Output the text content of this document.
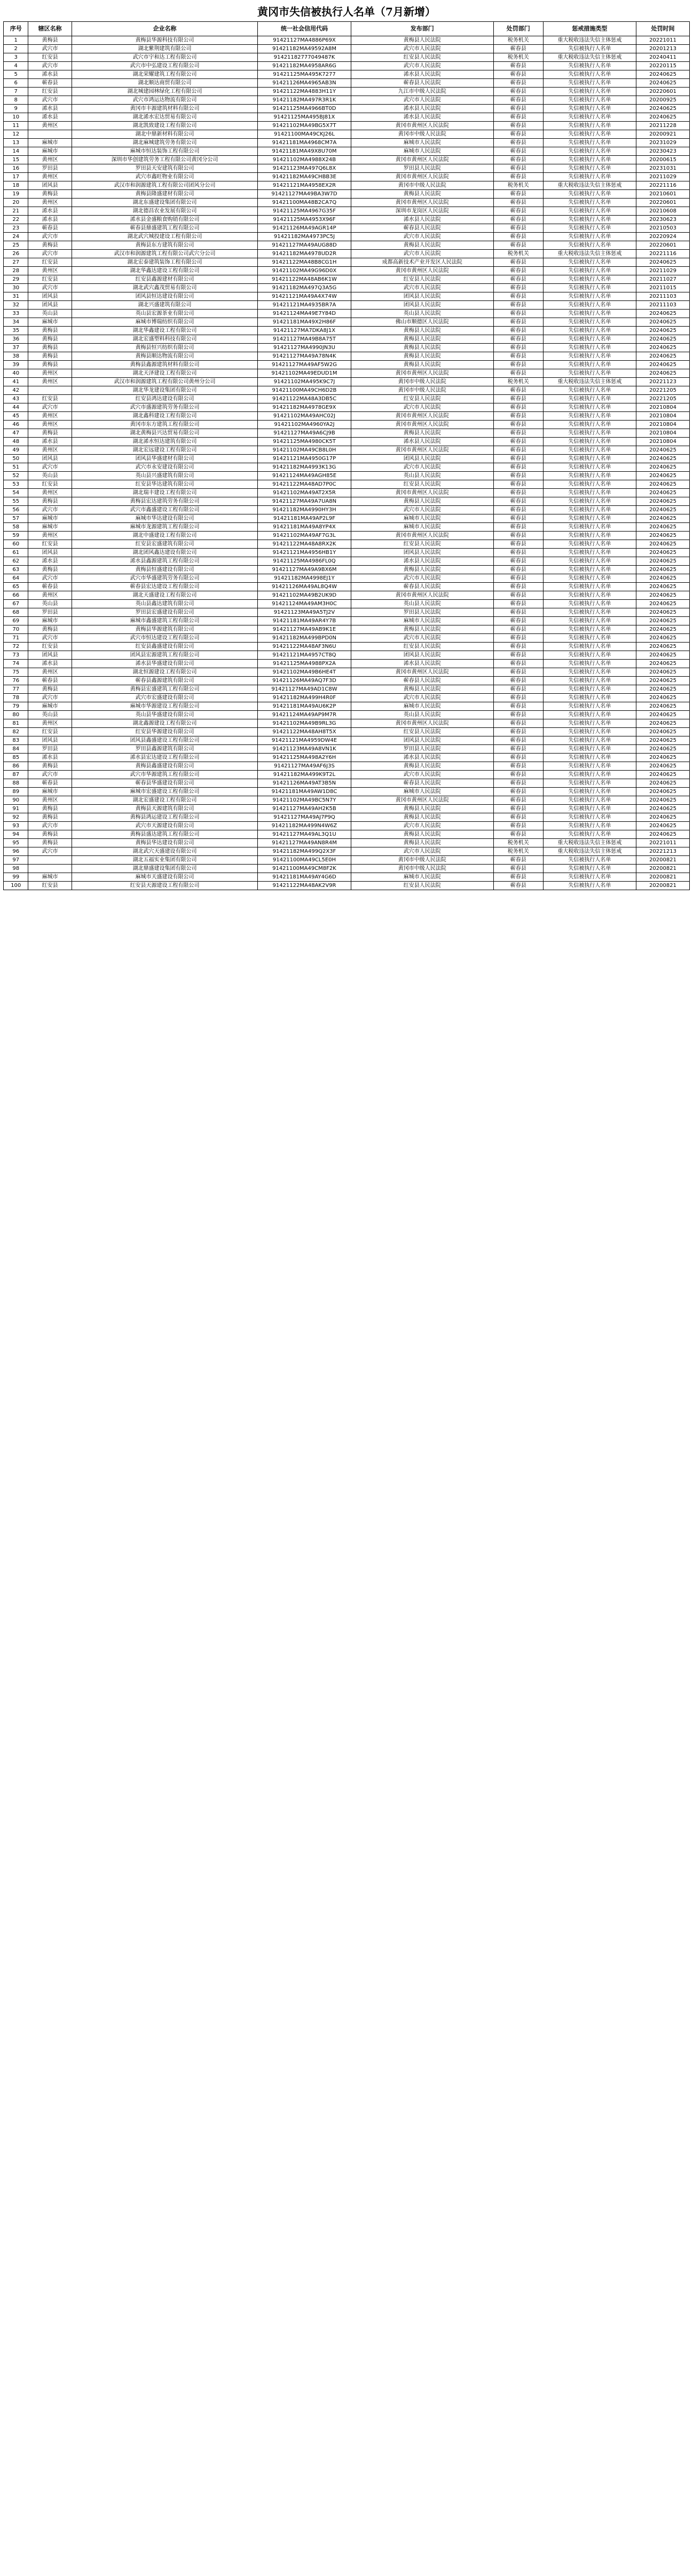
黄冈市失信被执行人名单（7月新增）
序号	辖区名称	企业名称	统一社会信用代码	发布部门	处罚部门	惩戒措施类型	处罚时间
1	黄梅县	黄梅县华源科技有限公司	91421127MA4886P69X	黄梅县人民法院	税务机关	重大税收违法失信主体惩戒	20221011
2	武穴市	湖北紫荆建筑有限公司	91421182MA49592A8M	武穴市人民法院	蕲春县	失信被执行人名单	20201213
3	红安县	武穴市宇和达工程有限公司	91421182777049487K	红安县人民法院	税务机关	重大税收违法失信主体惩戒	20240411
4	武穴市	武穴市中弘建设工程有限公司	91421182MA4958AR6G	武穴市人民法院	蕲春县	失信被执行人名单	20220115
5	浠水县	湖北荣耀建筑工程有限公司	91421125MA495K7277	浠水县人民法院	蕲春县	失信被执行人名单	20240625
6	蕲春县	湖北顺达商贸有限公司	91421126MA4965AB3N	蕲春县人民法院	蕲春县	失信被执行人名单	20240625
7	红安县	湖北城建园林绿化工程有限公司	91421122MA4883H11Y	九江市中级人民法院	蕲春县	失信被执行人名单	20220601
8	武穴市	武穴市鸿运达物流有限公司	91421182MA497R3R1K	武穴市人民法院	蕲春县	失信被执行人名单	20200925
9	浠水县	黄冈市丰源建筑材料有限公司	91421125MA4966BT0D	浠水县人民法院	蕲春县	失信被执行人名单	20240625
10	浠水县	湖北浠水宏达贸易有限公司	91421125MA495BJ81X	浠水县人民法院	蕲春县	失信被执行人名单	20240625
11	黄州区	湖北凯致建设工程有限公司	91421102MA49BG5X7T	黄冈市黄州区人民法院	蕲春县	失信被执行人名单	20211228
12		湖北中鼎新材料有限公司	91421100MA49CKJ26L	黄冈市中级人民法院	蕲春县	失信被执行人名单	20200921
13	麻城市	湖北麻城建筑劳务有限公司	91421181MA4968CM7A	麻城市人民法院	蕲春县	失信被执行人名单	20231029
14	麻城市	麻城市恒达装饰工程有限公司	91421181MA49X8U70M	麻城市人民法院	蕲春县	失信被执行人名单	20230423
15	黄州区	深圳市华创建筑劳务工程有限公司黄冈分公司	91421102MA4988X24B	黄冈市黄州区人民法院	蕲春县	失信被执行人名单	20200615
16	罗田县	罗田县天安建筑有限公司	91421123MA497Q6L8X	罗田县人民法院	蕲春县	失信被执行人名单	20231031
17	黄州区	武穴市鑫旺物业有限公司	91421182MA49CHBB3E	黄冈市黄州区人民法院	蕲春县	失信被执行人名单	20211029
18	团风县	武汉市和润源建筑工程有限公司团风分公司	91421121MA4958EX2R	黄冈市中级人民法院	税务机关	重大税收违法失信主体惩戒	20221116
19	黄梅县	黄梅县隆盛建材有限公司	91421127MA49BA3W7D	黄梅县人民法院	蕲春县	失信被执行人名单	20210601
20	黄州区	湖北东盛建设集团有限公司	91421100MA48B2CA7Q	黄冈市黄州区人民法院	蕲春县	失信被执行人名单	20220601
21	浠水县	湖北德昌农业发展有限公司	91421125MA4967G35F	深圳市龙岗区人民法院	蕲春县	失信被执行人名单	20210608
22	浠水县	浠水县金盛粮食购销有限公司	91421125MA4953X96F	浠水县人民法院	蕲春县	失信被执行人名单	20230623
23	蕲春县	蕲春县鼎盛建筑工程有限公司	91421126MA49AGR14P	蕲春县人民法院	蕲春县	失信被执行人名单	20210503
24	武穴市	湖北武穴城投建设工程有限公司	91421182MA4973PC5J	武穴市人民法院	蕲春县	失信被执行人名单	20220924
25	黄梅县	黄梅县东方建筑有限公司	91421127MA49AUG88D	黄梅县人民法院	蕲春县	失信被执行人名单	20220601
26	武穴市	武汉市和润源建筑工程有限公司武穴分公司	91421182MA4978UD2R	武穴市人民法院	税务机关	重大税收违法失信主体惩戒	20221116
27	红安县	湖北宏泰建筑装饰工程有限公司	91421122MA48B8CG1H	成都高新技术产业开发区人民法院	蕲春县	失信被执行人名单	20240625
28	黄州区	湖北华鑫达建设工程有限公司	91421102MA49G96D0X	黄冈市黄州区人民法院	蕲春县	失信被执行人名单	20211029
29	红安县	红安县鑫源建材有限公司	91421122MA48AB6K1W	红安县人民法院	蕲春县	失信被执行人名单	20211027
30	武穴市	湖北武穴鑫茂贸易有限公司	91421182MA497Q3A5G	武穴市人民法院	蕲春县	失信被执行人名单	20211015
31	团风县	团风县恒达建设有限公司	91421121MA49A4X74W	团风县人民法院	蕲春县	失信被执行人名单	20211103
32	团风县	湖北兴盛建筑有限公司	91421121MA4935BR7A	团风县人民法院	蕲春县	失信被执行人名单	20211103
33	英山县	英山县宏源茶业有限公司	91421124MA49E7Y84D	英山县人民法院	蕲春县	失信被执行人名单	20240625
34	麻城市	麻城市博瑞纺织有限公司	91421181MA49X2H86F	佛山市顺德区人民法院	蕲春县	失信被执行人名单	20240625
35	黄梅县	湖北华鑫建设工程有限公司	91421127MA7DKA8J1X	黄梅县人民法院	蕲春县	失信被执行人名单	20240625
36	黄梅县	湖北宏盛塑料科技有限公司	91421127MA49B8A75T	黄梅县人民法院	蕲春县	失信被执行人名单	20240625
37	黄梅县	黄梅县恒兴纺织有限公司	91421127MA4990JN3U	黄梅县人民法院	蕲春县	失信被执行人名单	20240625
38	黄梅县	黄梅县顺达物流有限公司	91421127MA49A78N4K	黄梅县人民法院	蕲春县	失信被执行人名单	20240625
39	黄梅县	黄梅县鑫源建筑材料有限公司	91421127MA49AF5W2G	黄梅县人民法院	蕲春县	失信被执行人名单	20240625
40	黄州区	湖北天泽建设工程有限公司	91421102MA49EDUD1M	黄冈市黄州区人民法院	蕲春县	失信被执行人名单	20240625
41	黄州区	武汉市和润源建筑工程有限公司黄州分公司	91421102MA495K9C7J	黄冈市中级人民法院	税务机关	重大税收违法失信主体惩戒	20221123
42		湖北华龙建设集团有限公司	91421100MA49CH6D2B	黄冈市中级人民法院	蕲春县	失信被执行人名单	20221205
43	红安县	红安县鸿达建设有限公司	91421122MA48A3DB5C	红安县人民法院	蕲春县	失信被执行人名单	20221205
44	武穴市	武穴市盛源建筑劳务有限公司	91421182MA4978GE9X	武穴市人民法院	蕲春县	失信被执行人名单	20210804
45	黄州区	湖北鑫科建设工程有限公司	91421102MA49AHC02J	黄冈市黄州区人民法院	蕲春县	失信被执行人名单	20210804
46	黄州区	黄冈市东方建筑工程有限公司	91421102MA4960YA2J	黄冈市黄州区人民法院	蕲春县	失信被执行人名单	20210804
47	黄梅县	湖北黄梅县兴达贸易有限公司	91421127MA49A6CJ9B	黄梅县人民法院	蕲春县	失信被执行人名单	20210804
48	浠水县	湖北浠水恒达建筑有限公司	91421125MA4980CK5T	浠水县人民法院	蕲春县	失信被执行人名单	20210804
49	黄州区	湖北宏远建设工程有限公司	91421102MA49CB8L0H	黄冈市黄州区人民法院	蕲春县	失信被执行人名单	20240625
50	团风县	团风县华盛建材有限公司	91421121MA4950G17P	团风县人民法院	蕲春县	失信被执行人名单	20240625
51	武穴市	武穴市永安建设有限公司	91421182MA4993K13G	武穴市人民法院	蕲春县	失信被执行人名单	20240625
52	英山县	英山县兴盛建筑有限公司	91421124MA49AGH85E	英山县人民法院	蕲春县	失信被执行人名单	20240625
53	红安县	红安县华达建筑有限公司	91421122MA48AD7P0C	红安县人民法院	蕲春县	失信被执行人名单	20240625
54	黄州区	湖北瑞丰建设工程有限公司	91421102MA49AT2X5R	黄冈市黄州区人民法院	蕲春县	失信被执行人名单	20240625
55	黄梅县	黄梅县宏达建筑劳务有限公司	91421127MA49A7UA8N	黄梅县人民法院	蕲春县	失信被执行人名单	20240625
56	武穴市	武穴市鑫盛建设工程有限公司	91421182MA4990HY3H	武穴市人民法院	蕲春县	失信被执行人名单	20240625
57	麻城市	麻城市华达建设有限公司	91421181MA49AP2L9F	麻城市人民法院	蕲春县	失信被执行人名单	20240625
58	麻城市	麻城市龙源建筑工程有限公司	91421181MA49A8YP4X	麻城市人民法院	蕲春县	失信被执行人名单	20240625
59	黄州区	湖北中盛建设工程有限公司	91421102MA49AF7G3L	黄冈市黄州区人民法院	蕲春县	失信被执行人名单	20240625
60	红安县	红安县宏盛建筑有限公司	91421122MA48A8RX2K	红安县人民法院	蕲春县	失信被执行人名单	20240625
61	团风县	湖北团风鑫达建设有限公司	91421121MA4956HB1Y	团风县人民法院	蕲春县	失信被执行人名单	20240625
62	浠水县	浠水县鑫源建筑工程有限公司	91421125MA4986FL0Q	浠水县人民法院	蕲春县	失信被执行人名单	20240625
63	黄梅县	黄梅县恒盛建设有限公司	91421127MA49A9BX6M	黄梅县人民法院	蕲春县	失信被执行人名单	20240625
64	武穴市	武穴市华盛建筑劳务有限公司	91421182MA4998EJ1Y	武穴市人民法院	蕲春县	失信被执行人名单	20240625
65	蕲春县	蕲春县宏达建设工程有限公司	91421126MA49AL8Q4W	蕲春县人民法院	蕲春县	失信被执行人名单	20240625
66	黄州区	湖北天盛建设工程有限公司	91421102MA49B2UK9D	黄冈市黄州区人民法院	蕲春县	失信被执行人名单	20240625
67	英山县	英山县鑫达建筑有限公司	91421124MA49AM3H0C	英山县人民法院	蕲春县	失信被执行人名单	20240625
68	罗田县	罗田县宏盛建设有限公司	91421123MA49A5TJ2V	罗田县人民法院	蕲春县	失信被执行人名单	20240625
69	麻城市	麻城市鑫盛建筑工程有限公司	91421181MA49AR4Y7B	麻城市人民法院	蕲春县	失信被执行人名单	20240625
70	黄梅县	黄梅县华源建筑有限公司	91421127MA49AB9K1E	黄梅县人民法院	蕲春县	失信被执行人名单	20240625
71	武穴市	武穴市恒达建设工程有限公司	91421182MA499BPD0N	武穴市人民法院	蕲春县	失信被执行人名单	20240625
72	红安县	红安县鑫盛建设有限公司	91421122MA48AF3N6U	红安县人民法院	蕲春县	失信被执行人名单	20240625
73	团风县	团风县宏源建筑工程有限公司	91421121MA4957CT8Q	团风县人民法院	蕲春县	失信被执行人名单	20240625
74	浠水县	浠水县华盛建设有限公司	91421125MA4988PX2A	浠水县人民法院	蕲春县	失信被执行人名单	20240625
75	黄州区	湖北恒源建设工程有限公司	91421102MA49B6HE4T	黄冈市黄州区人民法院	蕲春县	失信被执行人名单	20240625
76	蕲春县	蕲春县鑫源建筑有限公司	91421126MA49AQ7F3D	蕲春县人民法院	蕲春县	失信被执行人名单	20240625
77	黄梅县	黄梅县宏盛建筑工程有限公司	91421127MA49AD1C8W	黄梅县人民法院	蕲春县	失信被执行人名单	20240625
78	武穴市	武穴市宏盛建设有限公司	91421182MA499H4R0F	武穴市人民法院	蕲春县	失信被执行人名单	20240625
79	麻城市	麻城市华源建设工程有限公司	91421181MA49AU6K2P	麻城市人民法院	蕲春县	失信被执行人名单	20240625
80	英山县	英山县华盛建设有限公司	91421124MA49AP9M7R	英山县人民法院	蕲春县	失信被执行人名单	20240625
81	黄州区	湖北鑫源建设工程有限公司	91421102MA49B9RL3G	黄冈市黄州区人民法院	蕲春县	失信被执行人名单	20240625
82	红安县	红安县华源建设有限公司	91421122MA48AH8T5X	红安县人民法院	蕲春县	失信被执行人名单	20240625
83	团风县	团风县鑫盛建设工程有限公司	91421121MA4959DW4E	团风县人民法院	蕲春县	失信被执行人名单	20240625
84	罗田县	罗田县鑫源建筑有限公司	91421123MA49A8VN1K	罗田县人民法院	蕲春县	失信被执行人名单	20240625
85	浠水县	浠水县宏达建设工程有限公司	91421125MA498A2Y6H	浠水县人民法院	蕲春县	失信被执行人名单	20240625
86	黄梅县	黄梅县鑫盛建设有限公司	91421127MA49AF6J3S	黄梅县人民法院	蕲春县	失信被执行人名单	20240625
87	武穴市	武穴市华源建筑工程有限公司	91421182MA499K9T2L	武穴市人民法院	蕲春县	失信被执行人名单	20240625
88	蕲春县	蕲春县华盛建设有限公司	91421126MA49AT3B5N	蕲春县人民法院	蕲春县	失信被执行人名单	20240625
89	麻城市	麻城市宏盛建设工程有限公司	91421181MA49AW1D8C	麻城市人民法院	蕲春县	失信被执行人名单	20240625
90	黄州区	湖北宏盛建设工程有限公司	91421102MA49BC5N7Y	黄冈市黄州区人民法院	蕲春县	失信被执行人名单	20240625
91	黄梅县	黄梅县天源建筑有限公司	91421127MA49AH2K5B	黄梅县人民法院	蕲春县	失信被执行人名单	20240625
92	黄梅县	黄梅县鸿运建设工程有限公司	91421127MA49AJ7P9Q	黄梅县人民法院	蕲春县	失信被执行人名单	20240625
93	武穴市	武穴市天源建设有限公司	91421182MA499N4W6Z	武穴市人民法院	蕲春县	失信被执行人名单	20240625
94	黄梅县	黄梅县盛达建筑工程有限公司	91421127MA49AL3Q1U	黄梅县人民法院	蕲春县	失信被执行人名单	20240625
95	黄梅县	黄梅县华达建设有限公司	91421127MA49AN8R4M	黄梅县人民法院	税务机关	重大税收违法失信主体惩戒	20221011
96	武穴市	湖北武穴天盛建设有限公司	91421182MA499Q2X3F	武穴市人民法院	税务机关	重大税收违法失信主体惩戒	20221213
97		湖北五福实业集团有限公司	91421100MA49CL5E0H	黄冈市中级人民法院	蕲春县	失信被执行人名单	20200821
98		湖北鼎盛建设集团有限公司	91421100MA49CM8F2K	黄冈市中级人民法院	蕲春县	失信被执行人名单	20200821
99	麻城市	麻城市天盛建设有限公司	91421181MA49AY4G6D	麻城市人民法院	蕲春县	失信被执行人名单	20200821
100	红安县	红安县天源建设工程有限公司	91421122MA48AK2V9R	红安县人民法院	蕲春县	失信被执行人名单	20200821
